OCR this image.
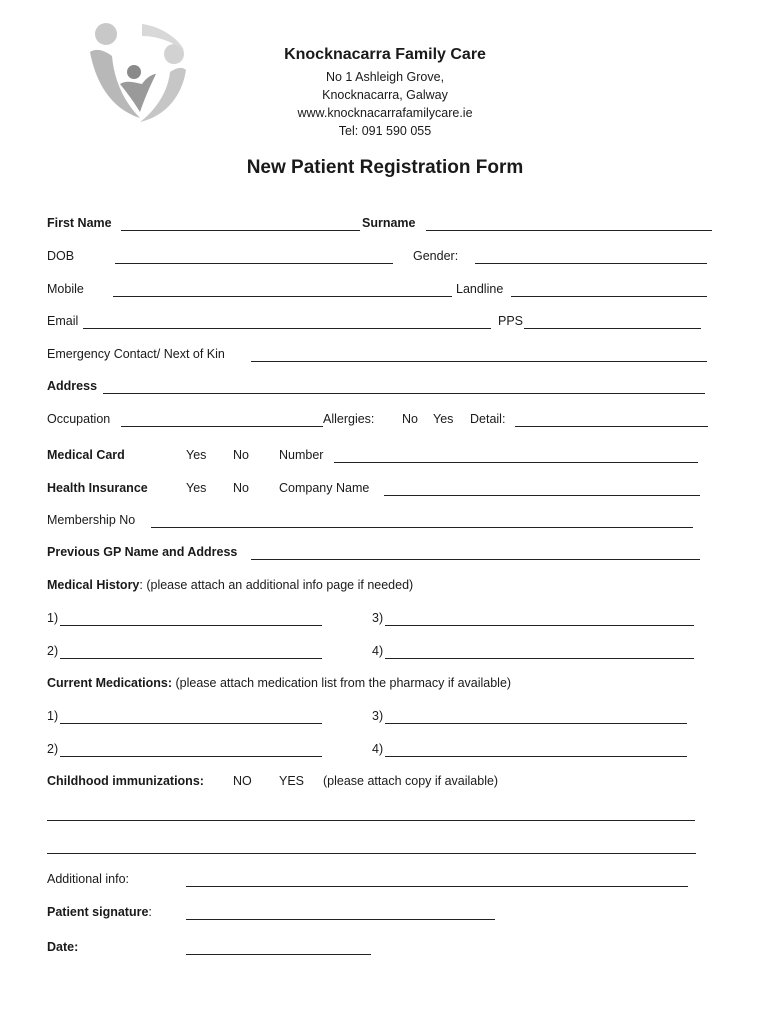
Knocknacarra Family Care
No 1 Ashleigh Grove,
Knocknacarra, Galway
www.knocknacarrafamilycare.ie
Tel: 091 590 055
New Patient Registration Form
First Name	Surname
DOB	Gender:
Mobile	Landline
Email	PPS
Emergency Contact/ Next of Kin
Address
Occupation	Allergies: No Yes Detail:
Medical Card	Yes No Number
Health Insurance	Yes No Company Name
Membership No
Previous GP Name and Address
Medical History: (please attach an additional info page if needed)
1)	3)
2)	4)
Current Medications: (please attach medication list from the pharmacy if available)
1)	3)
2)	4)
Childhood immunizations: NO YES (please attach copy if available)
Additional info:
Patient signature:
Date:
